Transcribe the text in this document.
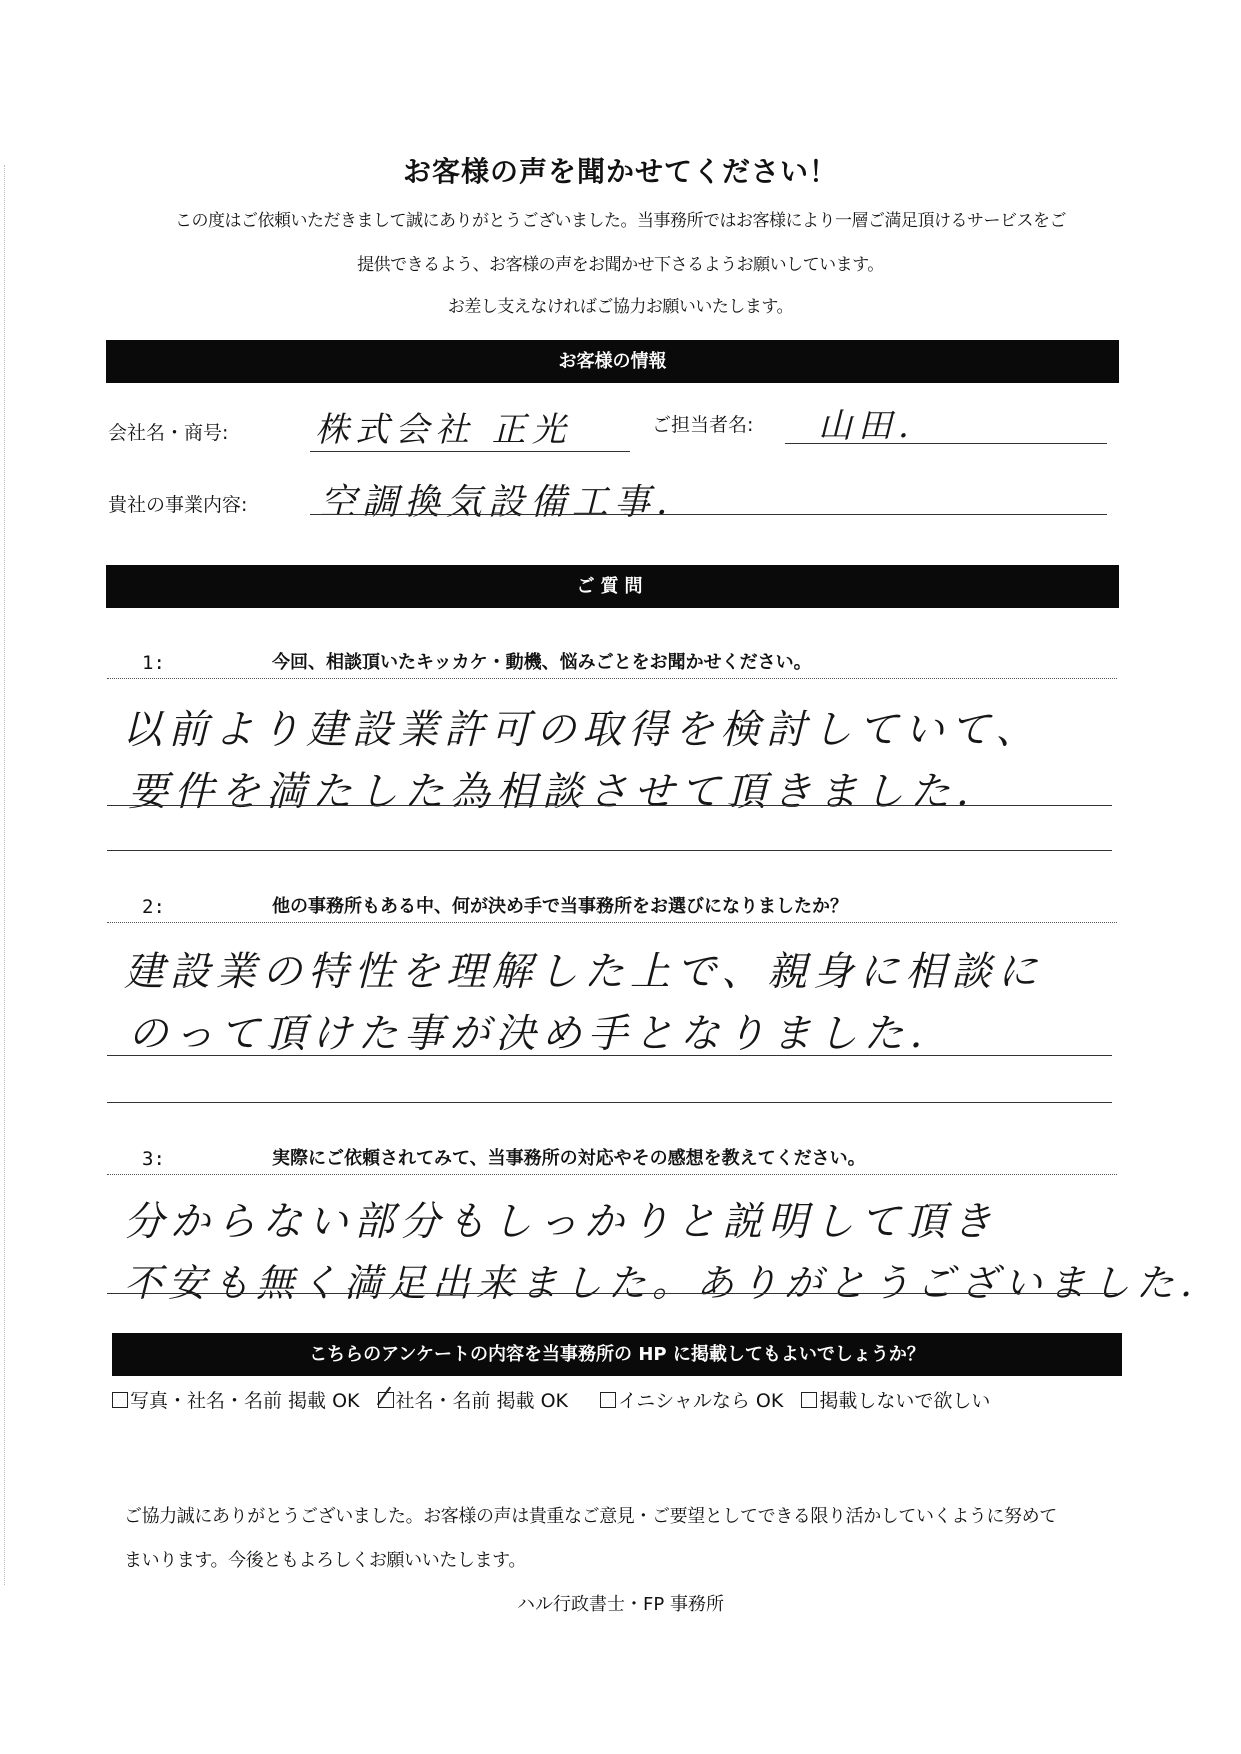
お客様の声を聞かせてください！
この度はご依頼いただきまして誠にありがとうございました。当事務所ではお客様により一層ご満足頂けるサービスをご
提供できるよう、お客様の声をお聞かせ下さるようお願いしています。
お差し支えなければご協力お願いいたします。
お客様の情報
会社名・商号:	株式会社 正光	ご担当者名: 山田.
貴社の事業内容: 空調換気設備工事.
ご質問
1:	今回、相談頂いたキッカケ・動機、悩みごとをお聞かせください。
以前より建設業許可の取得を検討していて、
要件を満たした為相談させて頂きました.
2:	他の事務所もある中、何が決め手で当事務所をお選びになりましたか？
建設業の特性を理解した上で、親身に相談に
のって頂けた事が決め手となりました.
3:	実際にご依頼されてみて、当事務所の対応やその感想を教えてください。
分からない部分もしっかりと説明して頂き
不安も無く満足出来ました。ありがとうございました.
こちらのアンケートの内容を当事務所の HP に掲載してもよいでしょうか？
写真・社名・名前 掲載 OK 社名・名前 掲載 OK	イニシャルなら OK 掲載しないで欲しい
ご協力誠にありがとうございました。お客様の声は貴重なご意見・ご要望としてできる限り活かしていくように努めて
まいります。今後ともよろしくお願いいたします。
ハル行政書士・FP 事務所
